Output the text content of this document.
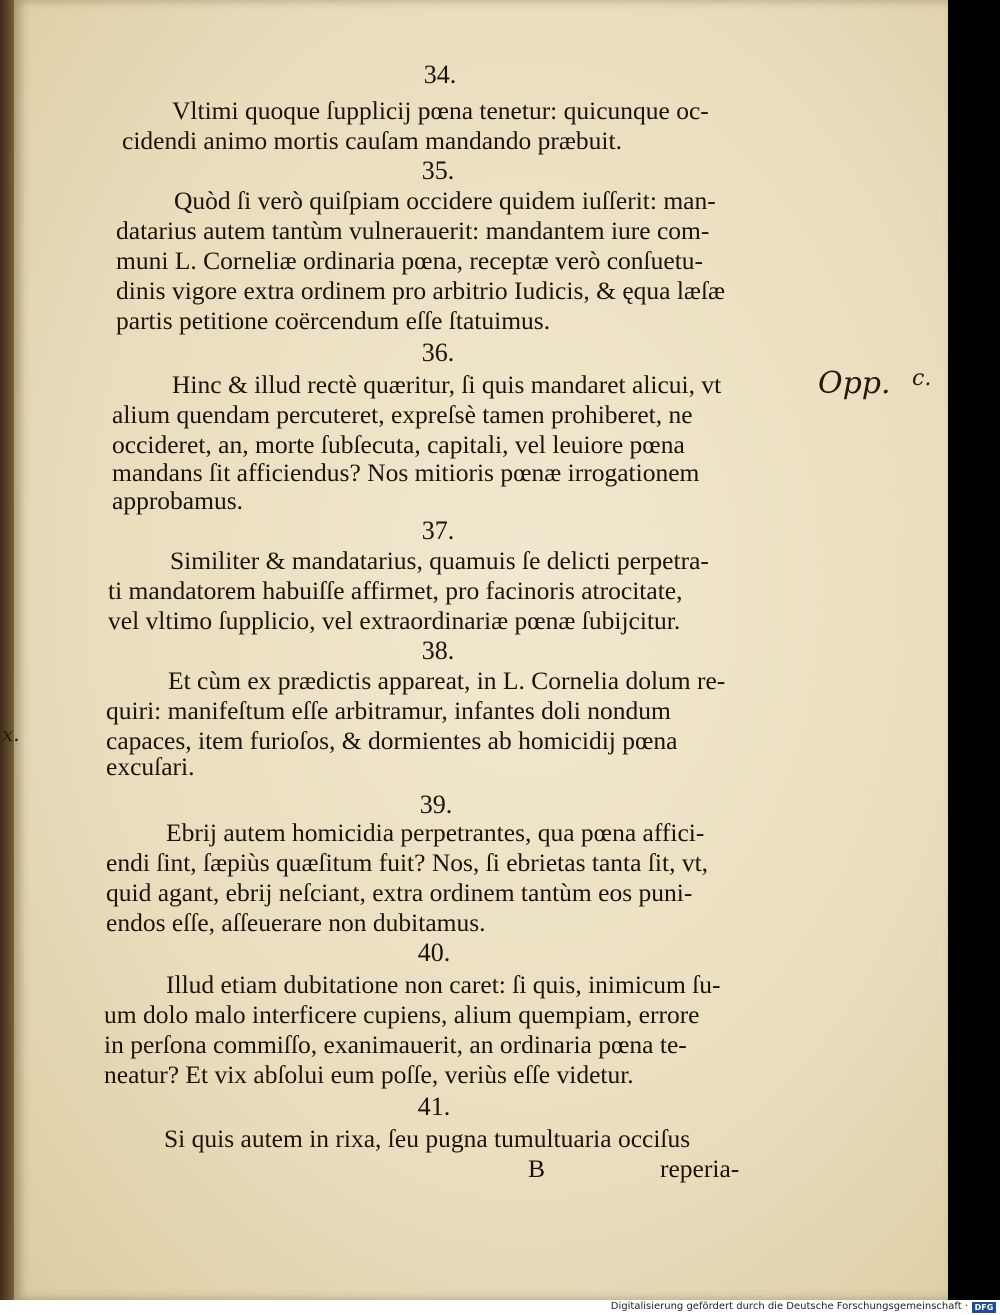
34.
Vltimi quoque ſupplicij pœna tenetur: quicunque oc-
cidendi animo mortis cauſam mandando præbuit.
35.
Quòd ſi verò quiſpiam occidere quidem iuſſerit: man-
datarius autem tantùm vulnerauerit: mandantem iure com-
muni L. Corneliæ ordinaria pœna, receptæ verò conſuetu-
dinis vigore extra ordinem pro arbitrio Iudicis, & ęqua læſæ
partis petitione coërcendum eſſe ſtatuimus.
36.
Hinc & illud rectè quæritur, ſi quis mandaret alicui, vt
alium quendam percuteret, expreſsè tamen prohiberet, ne
occideret, an, morte ſubſecuta, capitali, vel leuiore pœna
mandans ſit afficiendus? Nos mitioris pœnæ irrogationem
approbamus.
37.
Similiter & mandatarius, quamuis ſe delicti perpetra-
ti mandatorem habuiſſe affirmet, pro facinoris atrocitate,
vel vltimo ſupplicio, vel extraordinariæ pœnæ ſubijcitur.
38.
Et cùm ex prædictis appareat, in L. Cornelia dolum re-
quiri: manifeſtum eſſe arbitramur, infantes doli nondum
capaces, item furioſos, & dormientes ab homicidij pœna
excuſari.
39.
Ebrij autem homicidia perpetrantes, qua pœna affici-
endi ſint, ſæpiùs quæſitum fuit? Nos, ſi ebrietas tanta ſit, vt,
quid agant, ebrij neſciant, extra ordinem tantùm eos puni-
endos eſſe, aſſeuerare non dubitamus.
40.
Illud etiam dubitatione non caret: ſi quis, inimicum ſu-
um dolo malo interficere cupiens, alium quempiam, errore
in perſona commiſſo, exanimauerit, an ordinaria pœna te-
neatur? Et vix abſolui eum poſſe, veriùs eſſe videtur.
41.
Si quis autem in rixa, ſeu pugna tumultuaria occiſus
B	reperia-
Opp. c.
x.
Digitalisierung gefördert durch die Deutsche Forschungsgemeinschaft · DFG
